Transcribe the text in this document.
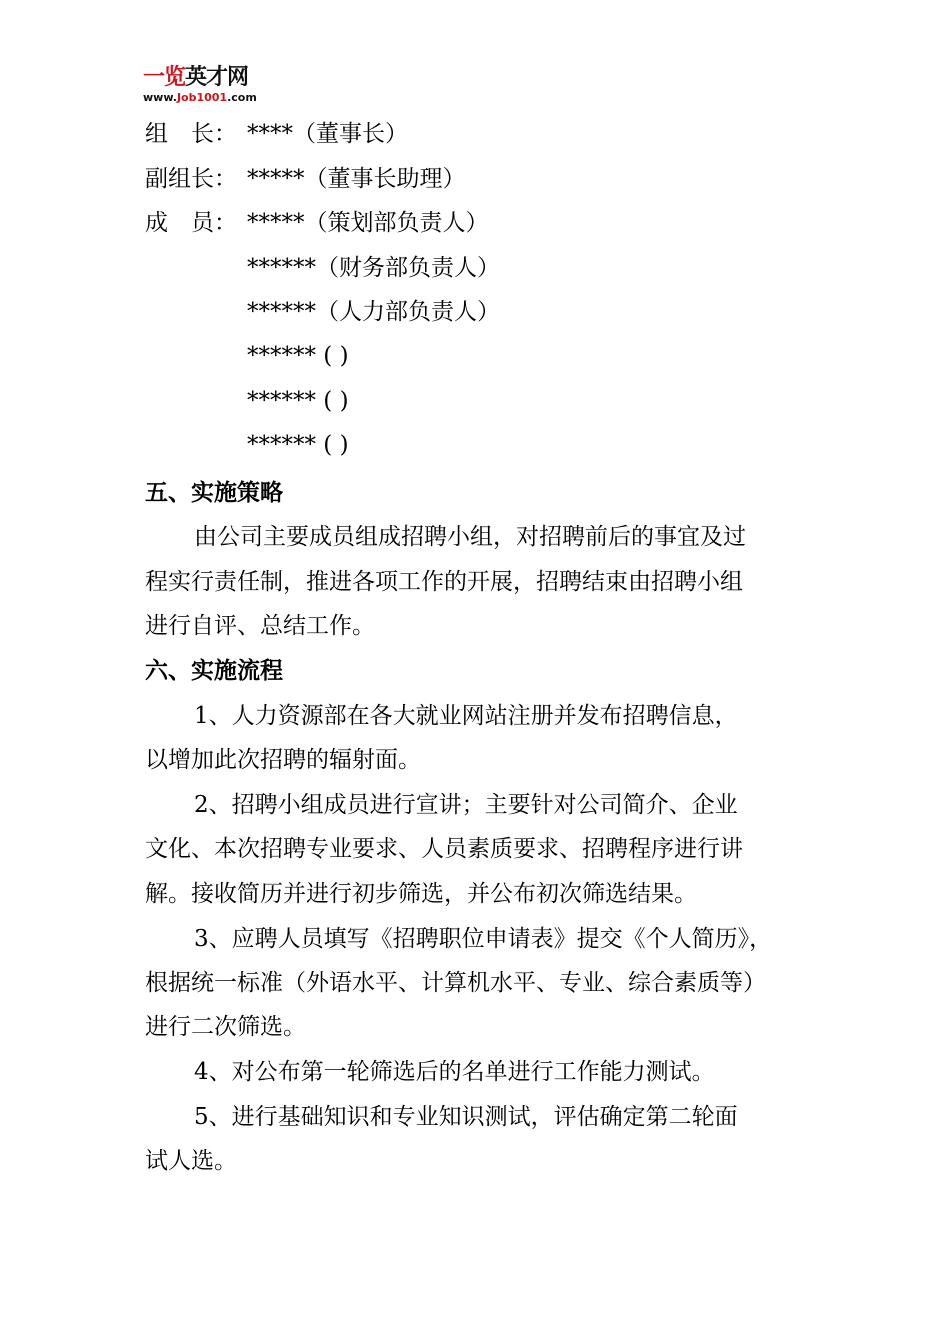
一览英才网
www.Job1001.com
组　长： ****（董事长）
副组长： *****（董事长助理）
成　员： *****（策划部负责人）
******（财务部负责人）
******（人力部负责人）
****** ( )
****** ( )
****** ( )
五、实施策略
由公司主要成员组成招聘小组，对招聘前后的事宜及过
程实行责任制，推进各项工作的开展，招聘结束由招聘小组
进行自评、总结工作。
六、实施流程
1、人力资源部在各大就业网站注册并发布招聘信息，
以增加此次招聘的辐射面。
2、招聘小组成员进行宣讲；主要针对公司简介、企业
文化、本次招聘专业要求、人员素质要求、招聘程序进行讲
解。接收简历并进行初步筛选，并公布初次筛选结果。
3、应聘人员填写《招聘职位申请表》提交《个人简历》，
根据统一标准（外语水平、计算机水平、专业、综合素质等）
进行二次筛选。
4、对公布第一轮筛选后的名单进行工作能力测试。
5、进行基础知识和专业知识测试，评估确定第二轮面
试人选。
